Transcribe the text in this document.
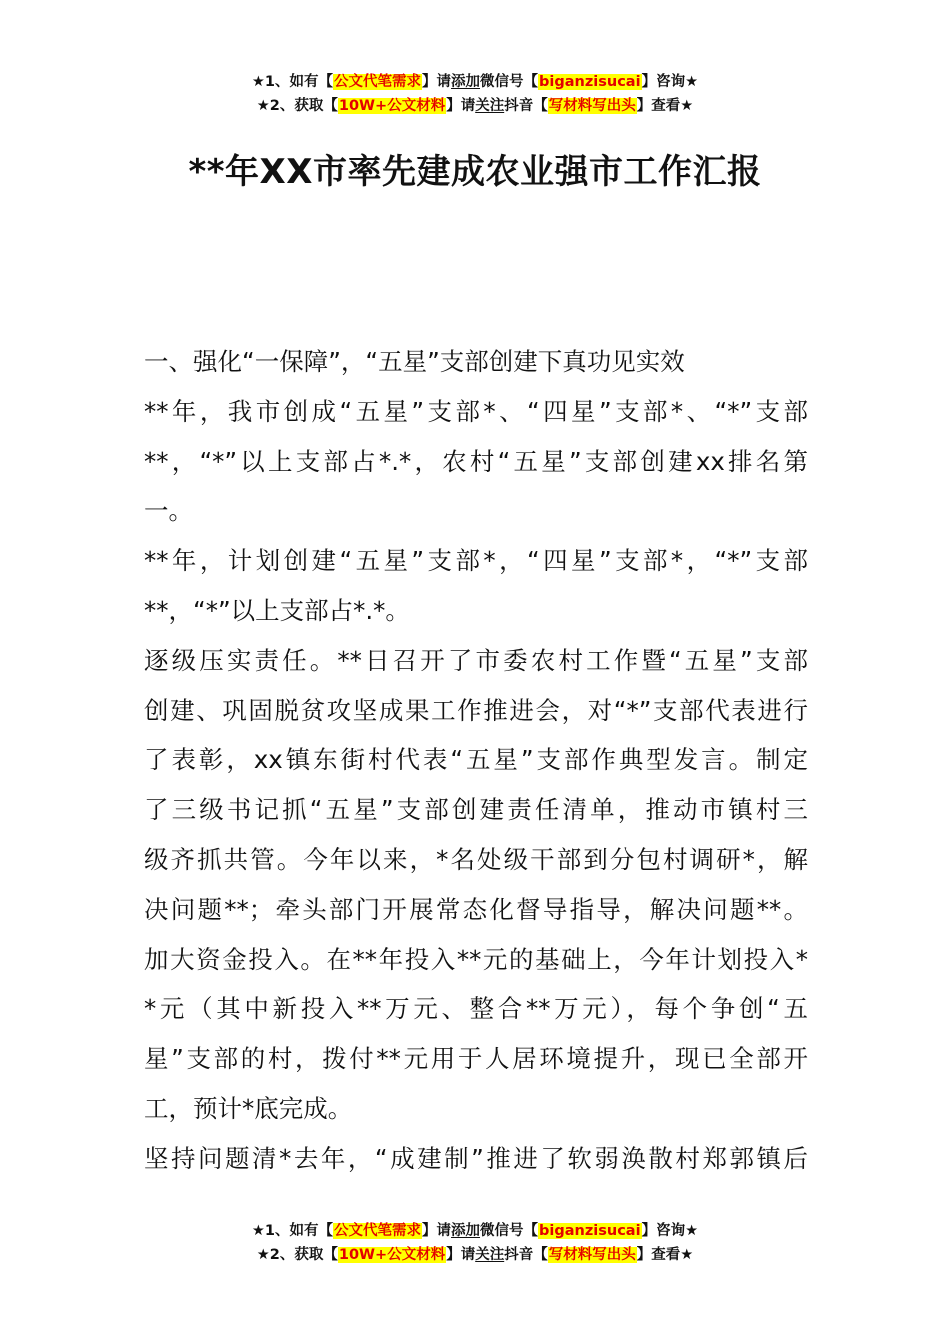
★1、如有【公文代笔需求】请添加微信号【biganzisucai】咨询★
★2、获取【10W+公文材料】请关注抖音【写材料写出头】查看★
**年XX市率先建成农业强市工作汇报
一、强化“一保障”，“五星”支部创建下真功见实效
**年，我市创成“五星”支部*、“四星”支部*、“*”支部
**，“*”以上支部占*.*，农村“五星”支部创建xx排名第
一。
**年，计划创建“五星”支部*，“四星”支部*，“*”支部
**，“*”以上支部占*.*。
逐级压实责任。**日召开了市委农村工作暨“五星”支部
创建、巩固脱贫攻坚成果工作推进会，对“*”支部代表进行
了表彰，xx镇东街村代表“五星”支部作典型发言。制定
了三级书记抓“五星”支部创建责任清单，推动市镇村三
级齐抓共管。今年以来，*名处级干部到分包村调研*，解
决问题**；牵头部门开展常态化督导指导，解决问题**。
加大资金投入。在**年投入**元的基础上，今年计划投入*
*元（其中新投入**万元、整合**万元），每个争创“五
星”支部的村，拨付**元用于人居环境提升，现已全部开
工，预计*底完成。
坚持问题清*去年，“成建制”推进了软弱涣散村郑郭镇后
★1、如有【公文代笔需求】请添加微信号【biganzisucai】咨询★
★2、获取【10W+公文材料】请关注抖音【写材料写出头】查看★
